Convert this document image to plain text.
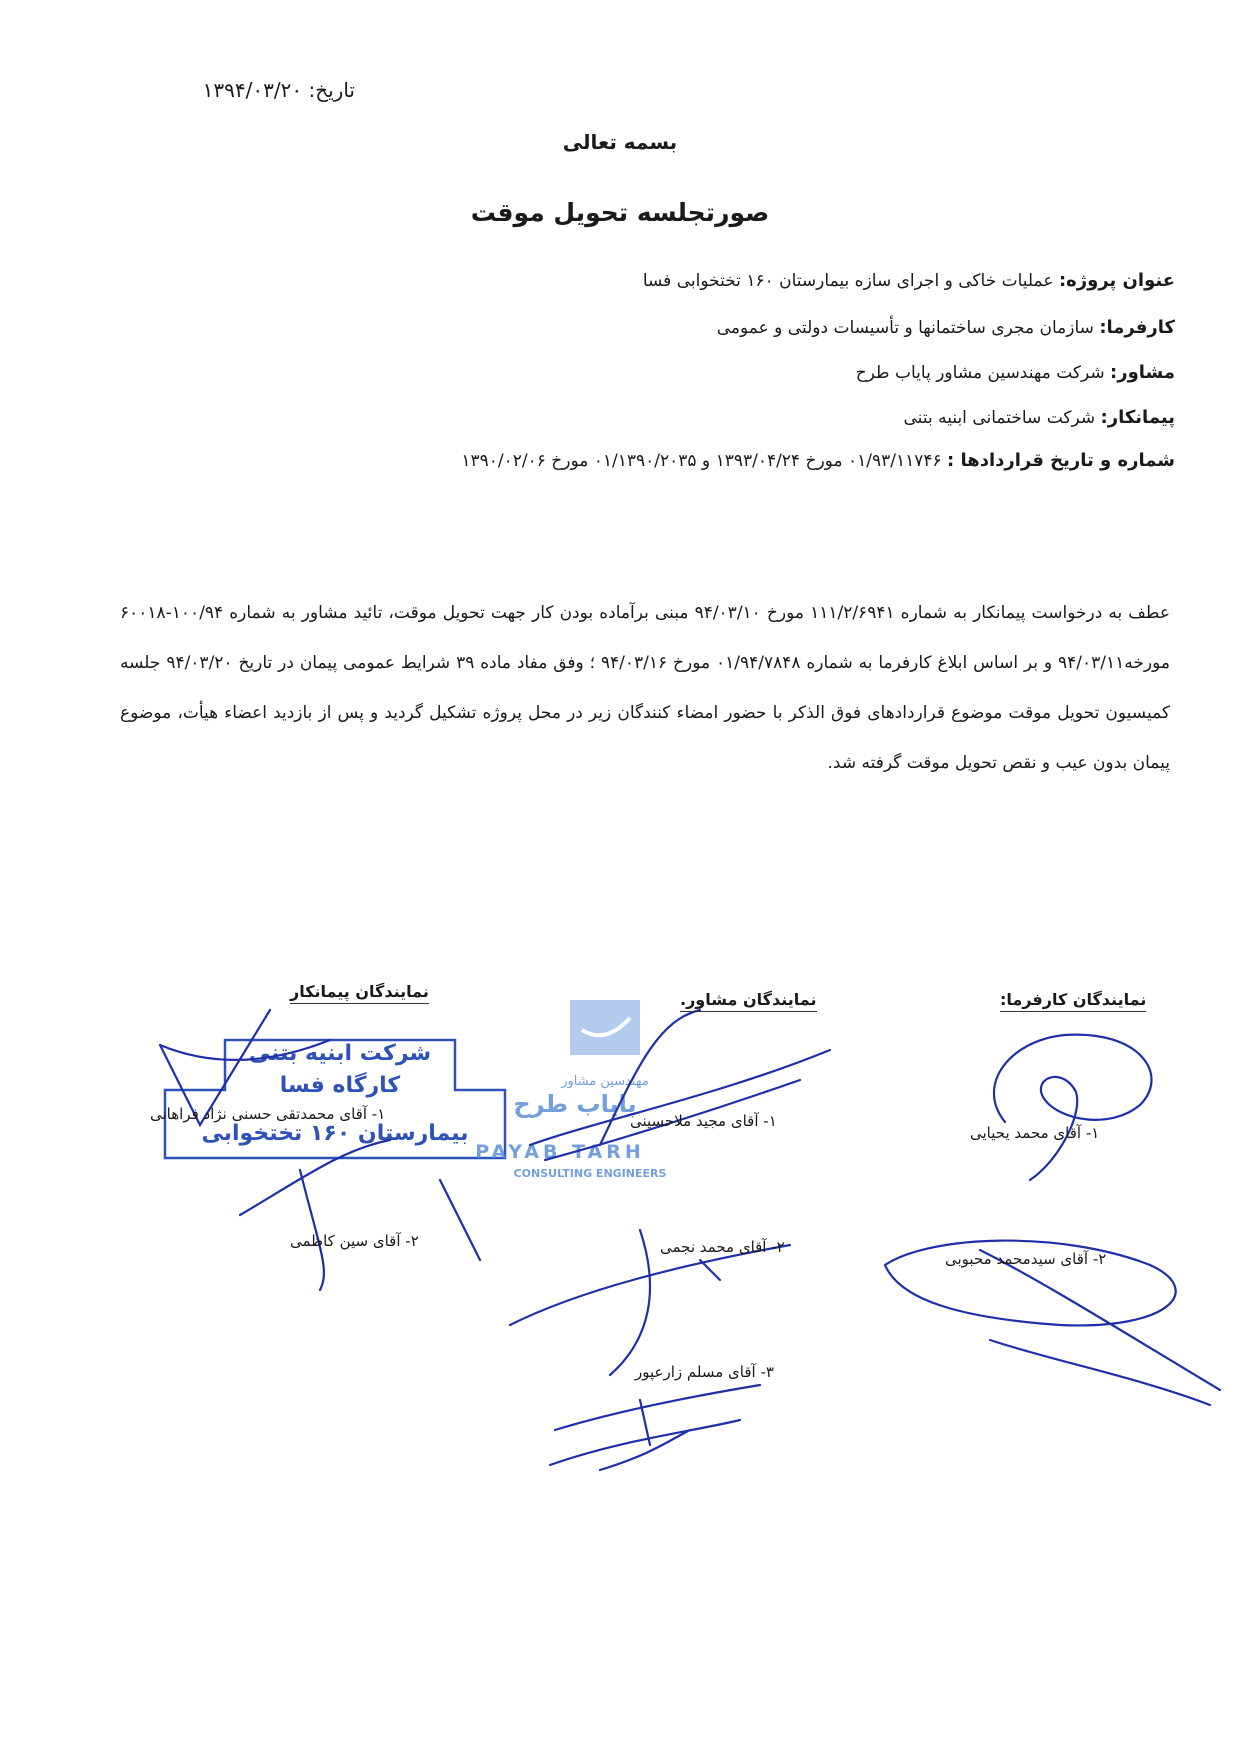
تاریخ: ۱۳۹۴/۰۳/۲۰
بسمه تعالی
صورتجلسه تحویل موقت
عنوان پروژه: عملیات خاکی و اجرای سازه بیمارستان ۱۶۰ تختخوابی فسا
کارفرما: سازمان مجری ساختمانها و تأسیسات دولتی و عمومی
مشاور: شرکت مهندسین مشاور پایاب طرح
پیمانکار: شرکت ساختمانی ابنیه بتنی
شماره و تاریخ قراردادها : ۰۱/۹۳/۱۱۷۴۶ مورخ ۱۳۹۳/۰۴/۲۴ و ۰۱/۱۳۹۰/۲۰۳۵ مورخ ۱۳۹۰/۰۲/۰۶
عطف به درخواست پیمانکار به شماره ۱۱۱/۲/۶۹۴۱ مورخ ۹۴/۰۳/۱۰ مبنی برآماده بودن کار جهت تحویل موقت، تائید مشاور به شماره ۱۰۰/۹۴-۶۰۰۱۸ مورخه۹۴/۰۳/۱۱ و بر اساس ابلاغ کارفرما به شماره ۰۱/۹۴/۷۸۴۸ مورخ ۹۴/۰۳/۱۶ ؛ وفق مفاد ماده ۳۹ شرایط عمومی پیمان در تاریخ ۹۴/۰۳/۲۰ جلسه کمیسیون تحویل موقت موضوع قراردادهای فوق الذکر با حضور امضاء کنندگان زیر در محل پروژه تشکیل گردید و پس از بازدید اعضاء هیأت، موضوع پیمان بدون عیب و نقص تحویل موقت گرفته شد.
شرکت ابنیه بتنی
کارگاه فسا
بیمارستان ۱۶۰ تختخوابی
مهندسین مشاور
پایاب طرح
PAYAB TARH
CONSULTING ENGINEERS
نمایندگان کارفرما:
نمایندگان مشاور.
نمایندگان پیمانکار
۱- آقای محمد یحیایی
۲- آقای سیدمحمد محبوبی
۱- آقای مجید ملاحسینی
۲- آقای محمد نجمی
۳- آقای مسلم زارعپور
۱- آقای محمدتقی حسنی نژاد فراهانی
۲- آقای سین کاظمی
